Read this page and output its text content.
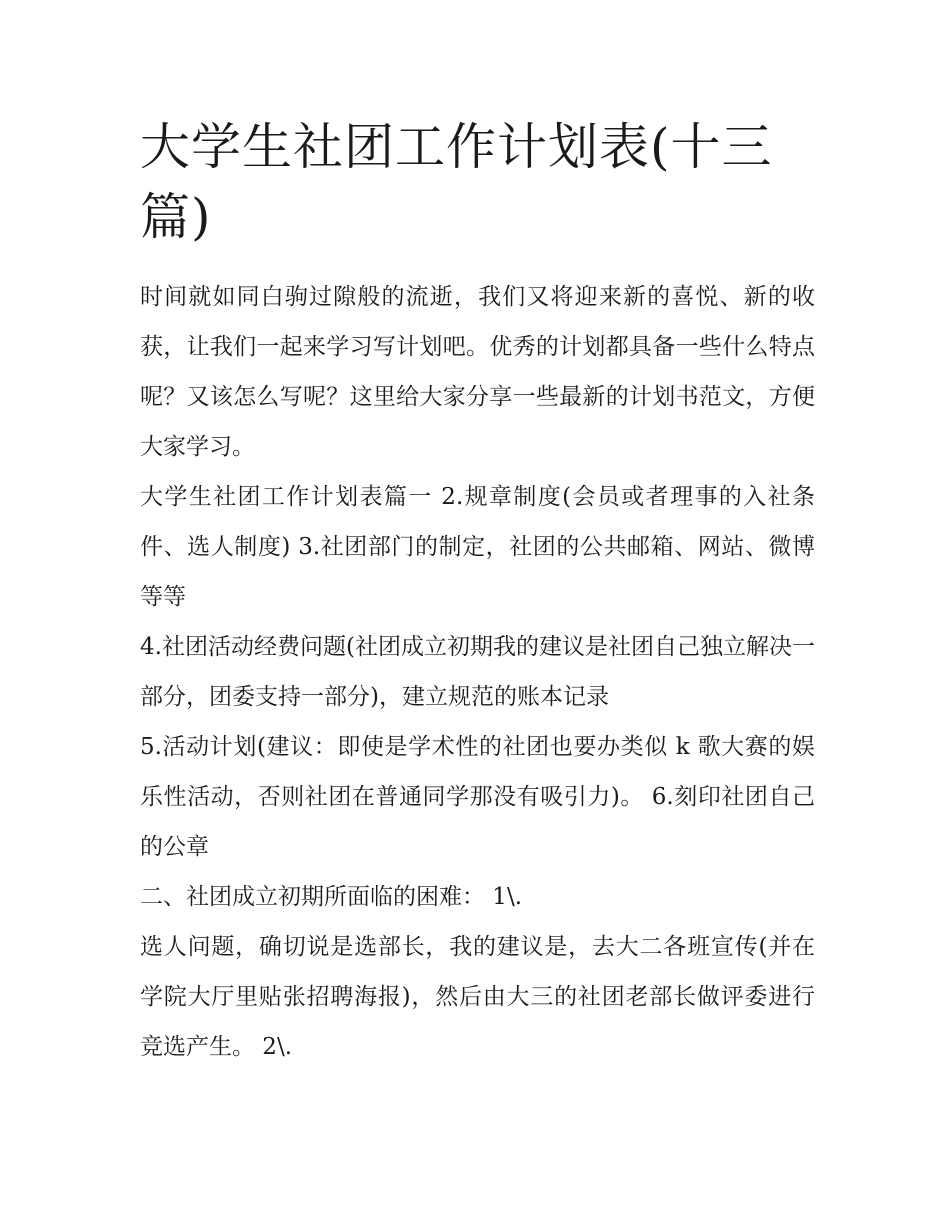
大学生社团工作计划表(十三篇)

时间就如同白驹过隙般的流逝，我们又将迎来新的喜悦、新的收获，让我们一起来学习写计划吧。优秀的计划都具备一些什么特点呢？又该怎么写呢？这里给大家分享一些最新的计划书范文，方便大家学习。

大学生社团工作计划表篇一 2.规章制度(会员或者理事的入社条件、选人制度) 3.社团部门的制定，社团的公共邮箱、网站、微博等等

4.社团活动经费问题(社团成立初期我的建议是社团自己独立解决一部分，团委支持一部分)，建立规范的账本记录

5.活动计划(建议：即使是学术性的社团也要办类似 k 歌大赛的娱乐性活动，否则社团在普通同学那没有吸引力)。 6.刻印社团自己的公章

二、社团成立初期所面临的困难： 1\.

选人问题，确切说是选部长，我的建议是，去大二各班宣传(并在学院大厅里贴张招聘海报)，然后由大三的社团老部长做评委进行竞选产生。 2\.
